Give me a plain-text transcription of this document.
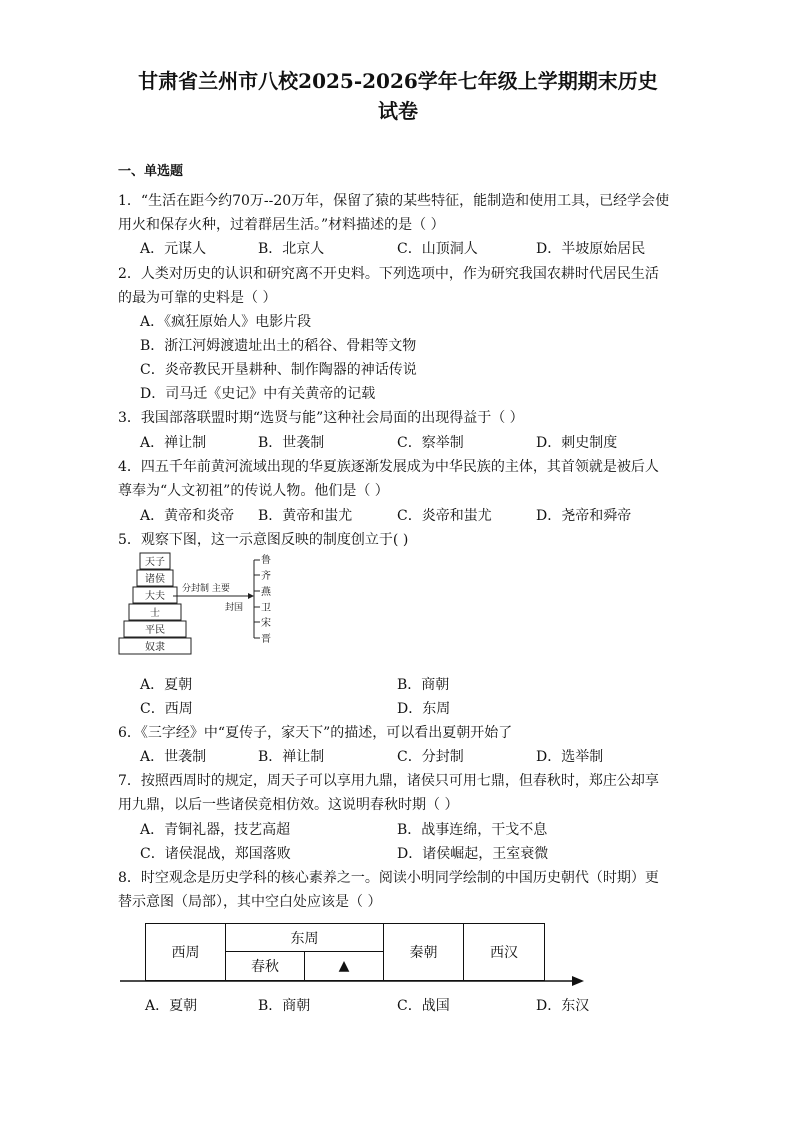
甘肃省兰州市八校2025-2026学年七年级上学期期末历史
试卷
一、单选题
1．“生活在距今约70万--20万年，保留了猿的某些特征，能制造和使用工具，已经学会使
用火和保存火种，过着群居生活。”材料描述的是（ ）
A．元谋人	B．北京人	C．山顶洞人	D．半坡原始居民
2．人类对历史的认识和研究离不开史料。下列选项中，作为研究我国农耕时代居民生活
的最为可靠的史料是（ ）
A．《疯狂原始人》电影片段
B．浙江河姆渡遗址出土的稻谷、骨耜等文物
C．炎帝教民开垦耕种、制作陶器的神话传说
D．司马迁《史记》中有关黄帝的记载
3．我国部落联盟时期“选贤与能”这种社会局面的出现得益于（ ）
A．禅让制	B．世袭制	C．察举制	D．刺史制度
4．四五千年前黄河流域出现的华夏族逐渐发展成为中华民族的主体，其首领就是被后人
尊奉为“人文初祖”的传说人物。他们是（ ）
A．黄帝和炎帝 B．黄帝和蚩尤	C．炎帝和蚩尤	D．尧帝和舜帝
5．观察下图，这一示意图反映的制度创立于( )
天子
诸侯
大夫
士
平民
奴隶
分封制 主要
封国
鲁
齐
燕
卫
宋
晋
A．夏朝	B．商朝
C．西周	D．东周
6．《三字经》中“夏传子，家天下”的描述，可以看出夏朝开始了
A．世袭制	B．禅让制	C．分封制	D．选举制
7．按照西周时的规定，周天子可以享用九鼎，诸侯只可用七鼎，但春秋时，郑庄公却享
用九鼎，以后一些诸侯竞相仿效。这说明春秋时期（ ）
A．青铜礼器，技艺高超	B．战事连绵，干戈不息
C．诸侯混战，郑国落败	D．诸侯崛起，王室衰微
8．时空观念是历史学科的核心素养之一。阅读小明同学绘制的中国历史朝代（时期）更
替示意图（局部），其中空白处应该是（ ）
西周
东周
春秋	▲
秦朝	西汉
A．夏朝	B．商朝	C．战国	D．东汉
